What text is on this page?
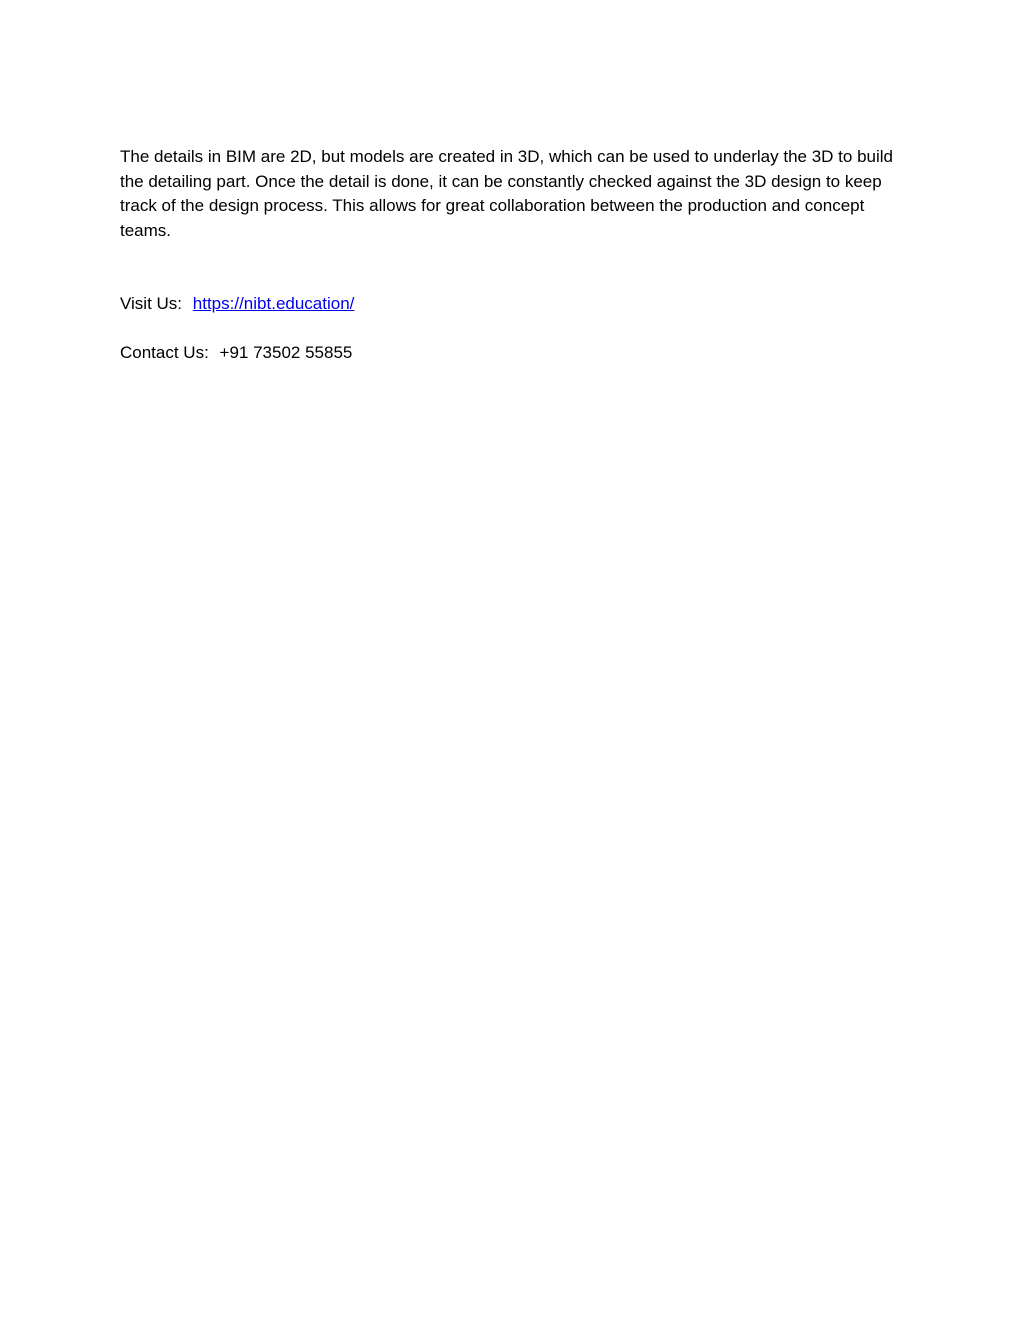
The details in BIM are 2D, but models are created in 3D, which can be used to underlay the 3D to build the detailing part. Once the detail is done, it can be constantly checked against the 3D design to keep track of the design process. This allows for great collaboration between the production and concept teams.

Visit Us: https://nibt.education/

Contact Us: +91 73502 55855
